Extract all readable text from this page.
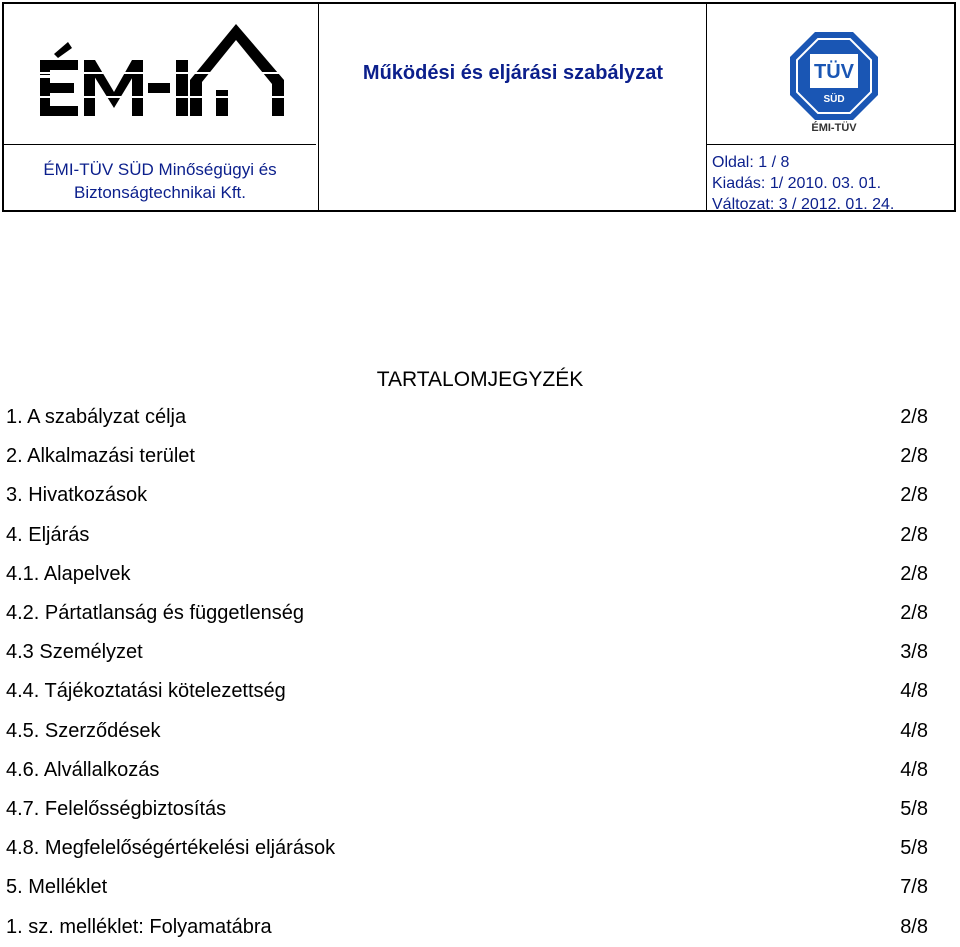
ÉMI-TÜV SÜD Minőségügyi és
Biztonságtechnikai Kft.
Működési és eljárási szabályzat	TÜV
SÜD
ÉMI-TÜV
Oldal: 1 / 8
Kiadás: 1/ 2010. 03. 01.
Változat: 3 / 2012. 01. 24.
TARTALOMJEGYZÉK
1. A szabályzat célja	2/8
2. Alkalmazási terület	2/8
3. Hivatkozások	2/8
4. Eljárás	2/8
4.1. Alapelvek	2/8
4.2. Pártatlanság és függetlenség	2/8
4.3 Személyzet	3/8
4.4. Tájékoztatási kötelezettség	4/8
4.5. Szerződések	4/8
4.6. Alvállalkozás	4/8
4.7. Felelősségbiztosítás	5/8
4.8. Megfelelőségértékelési eljárások	5/8
5. Melléklet	7/8
1. sz. melléklet: Folyamatábra	8/8
